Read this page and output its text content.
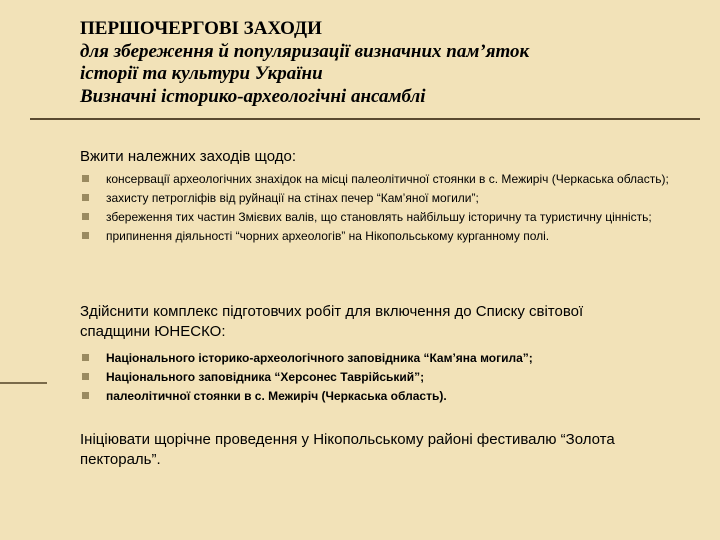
ПЕРШОЧЕРГОВІ ЗАХОДИ
для збереження й популяризації визначних пам’яток
історії та культури України
Визначні історико-археологічні ансамблі
Вжити належних заходів щодо:
консервації археологічних знахідок на місці палеолітичної стоянки в с. Межиріч (Черкаська область);
захисту петрогліфів від руйнації на стінах печер “Кам’яної могили”;
збереження тих частин Змієвих валів, що становлять найбільшу історичну та туристичну цінність;
припинення діяльності “чорних археологів” на Нікопольському курганному полі.
Здійснити комплекс підготовчих робіт для включення до Списку світової спадщини ЮНЕСКО:
Національного історико-археологічного заповідника “Кам’яна могила”;
Національного заповідника “Херсонес Таврійський”;
палеолітичної стоянки в с. Межиріч (Черкаська область).
Ініціювати щорічне проведення у Нікопольському районі фестивалю “Золота пектораль”.
